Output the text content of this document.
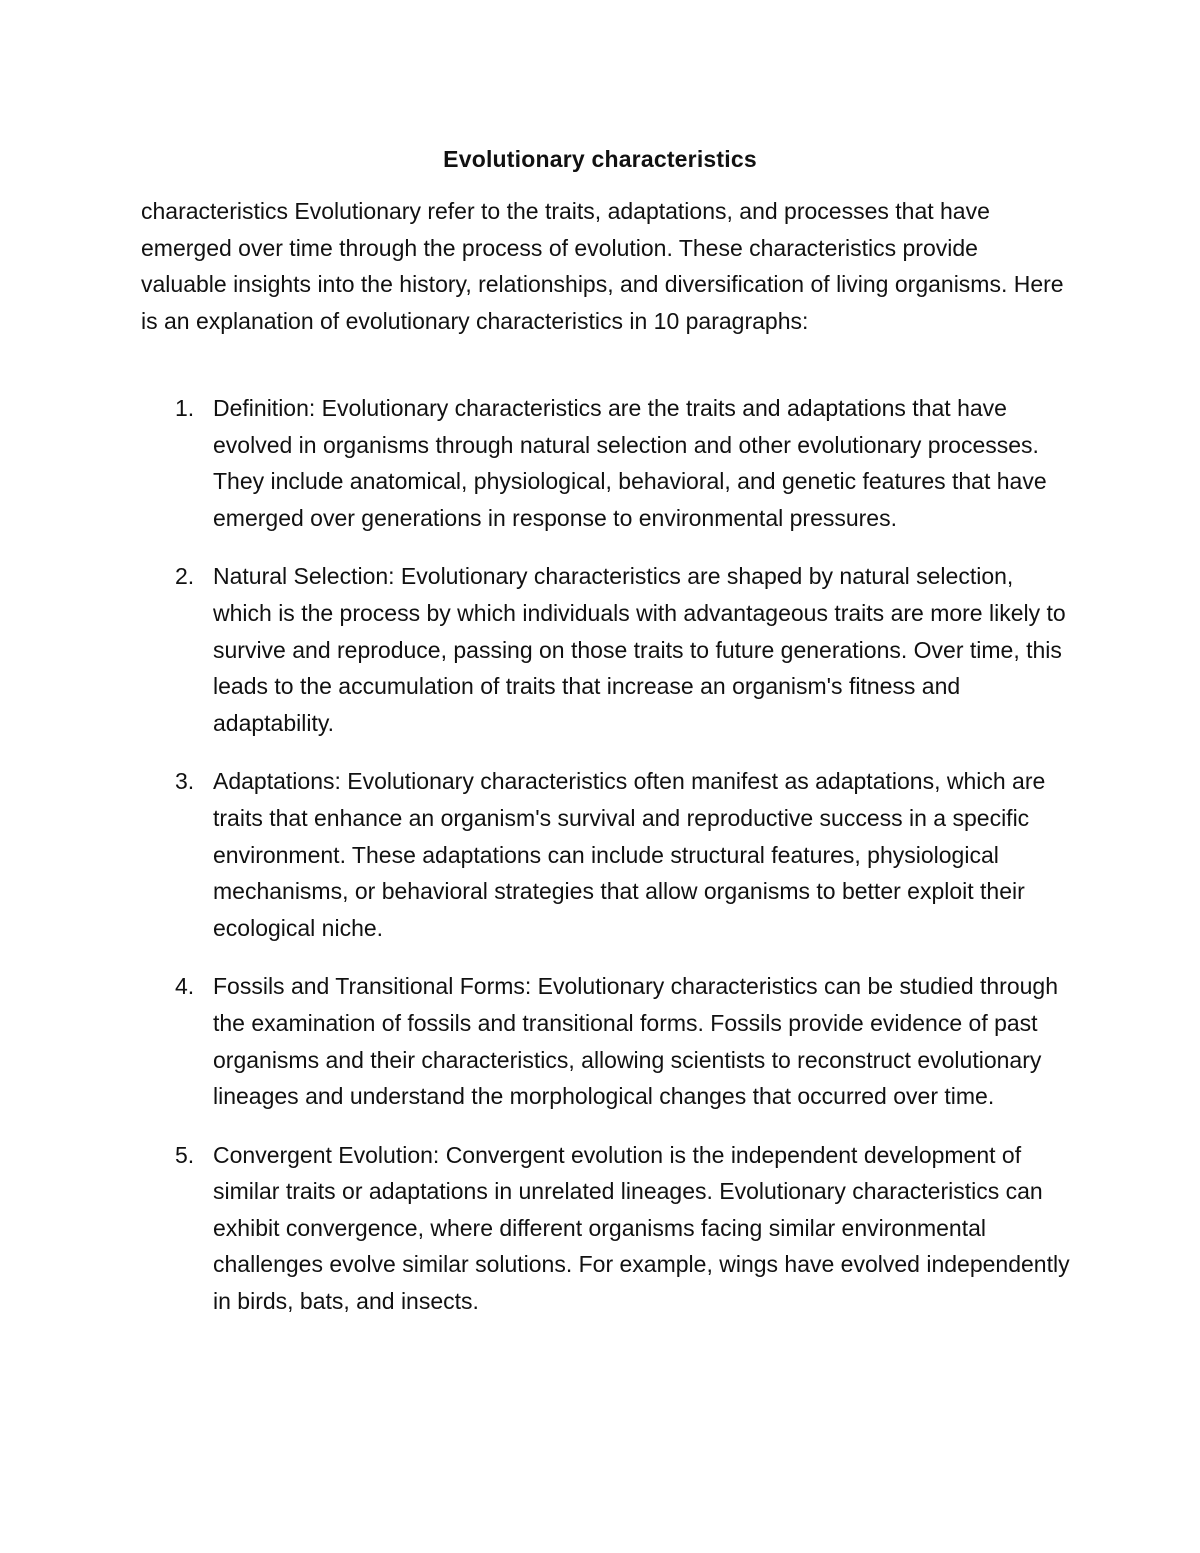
Evolutionary characteristics

characteristics Evolutionary refer to the traits, adaptations, and processes that have emerged over time through the process of evolution. These characteristics provide valuable insights into the history, relationships, and diversification of living organisms. Here is an explanation of evolutionary characteristics in 10 paragraphs:

1. Definition: Evolutionary characteristics are the traits and adaptations that have evolved in organisms through natural selection and other evolutionary processes. They include anatomical, physiological, behavioral, and genetic features that have emerged over generations in response to environmental pressures.
2. Natural Selection: Evolutionary characteristics are shaped by natural selection, which is the process by which individuals with advantageous traits are more likely to survive and reproduce, passing on those traits to future generations. Over time, this leads to the accumulation of traits that increase an organism's fitness and adaptability.
3. Adaptations: Evolutionary characteristics often manifest as adaptations, which are traits that enhance an organism's survival and reproductive success in a specific environment. These adaptations can include structural features, physiological mechanisms, or behavioral strategies that allow organisms to better exploit their ecological niche.
4. Fossils and Transitional Forms: Evolutionary characteristics can be studied through the examination of fossils and transitional forms. Fossils provide evidence of past organisms and their characteristics, allowing scientists to reconstruct evolutionary lineages and understand the morphological changes that occurred over time.
5. Convergent Evolution: Convergent evolution is the independent development of similar traits or adaptations in unrelated lineages. Evolutionary characteristics can exhibit convergence, where different organisms facing similar environmental challenges evolve similar solutions. For example, wings have evolved independently in birds, bats, and insects.
